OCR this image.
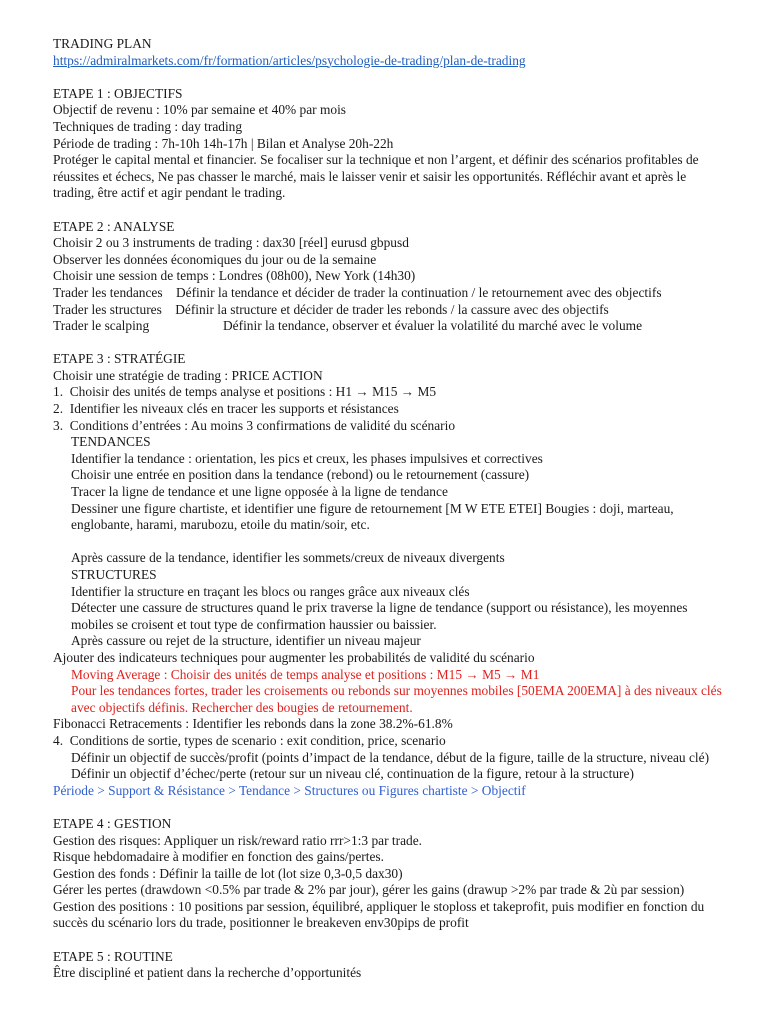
TRADING PLAN
https://admiralmarkets.com/fr/formation/articles/psychologie-de-trading/plan-de-trading
ETAPE 1 : OBJECTIFS
Objectif de revenu : 10% par semaine et 40% par mois
Techniques de trading : day trading
Période de trading : 7h-10h 14h-17h | Bilan et Analyse 20h-22h
Protéger le capital mental et financier. Se focaliser sur la technique et non l’argent, et définir des scénarios profitables de réussites et échecs, Ne pas chasser le marché, mais le laisser venir et saisir les opportunités. Réfléchir avant et après le trading, être actif et agir pendant le trading.
ETAPE 2 : ANALYSE
Choisir 2 ou 3 instruments de trading : dax30 [réel] eurusd gbpusd
Observer les données économiques du jour ou de la semaine
Choisir une session de temps : Londres (08h00), New York (14h30)
Trader les tendances Définir la tendance et décider de trader la continuation / le retournement avec des objectifs
Trader les structures Définir la structure et décider de trader les rebonds / la cassure avec des objectifs
Trader le scalping	Définir la tendance, observer et évaluer la volatilité du marché avec le volume
ETAPE 3 : STRATÉGIE
Choisir une stratégie de trading : PRICE ACTION
1.  Choisir des unités de temps analyse et positions : H1 → M15 → M5
2.  Identifier les niveaux clés en tracer les supports et résistances
3.  Conditions d’entrées : Au moins 3 confirmations de validité du scénario
TENDANCES
Identifier la tendance : orientation, les pics et creux, les phases impulsives et correctives
Choisir une entrée en position dans la tendance (rebond) ou le retournement (cassure)
Tracer la ligne de tendance et une ligne opposée à la ligne de tendance
Dessiner une figure chartiste, et identifier une figure de retournement [M W ETE ETEI] Bougies : doji, marteau, englobante, harami, marubozu, etoile du matin/soir, etc.
Après cassure de la tendance, identifier les sommets/creux de niveaux divergents
STRUCTURES
Identifier la structure en traçant les blocs ou ranges grâce aux niveaux clés
Détecter une cassure de structures quand le prix traverse la ligne de tendance (support ou résistance), les moyennes mobiles se croisent et tout type de confirmation haussier ou baissier.
Après cassure ou rejet de la structure, identifier un niveau majeur
Ajouter des indicateurs techniques pour augmenter les probabilités de validité du scénario
Moving Average : Choisir des unités de temps analyse et positions : M15 → M5 → M1
Pour les tendances fortes, trader les croisements ou rebonds sur moyennes mobiles [50EMA 200EMA] à des niveaux clés avec objectifs définis. Rechercher des bougies de retournement.
Fibonacci Retracements : Identifier les rebonds dans la zone 38.2%-61.8%
4.  Conditions de sortie, types de scenario : exit condition, price, scenario
Définir un objectif de succès/profit (points d’impact de la tendance, début de la figure, taille de la structure, niveau clé)
Définir un objectif d’échec/perte (retour sur un niveau clé, continuation de la figure, retour à la structure)
Période > Support & Résistance > Tendance > Structures ou Figures chartiste > Objectif
ETAPE 4 : GESTION
Gestion des risques: Appliquer un risk/reward ratio rrr>1:3 par trade.
Risque hebdomadaire à modifier en fonction des gains/pertes.
Gestion des fonds : Définir la taille de lot (lot size 0,3-0,5 dax30)
Gérer les pertes (drawdown <0.5% par trade & 2% par jour), gérer les gains (drawup >2% par trade & 2ù par session)
Gestion des positions : 10 positions par session, équilibré, appliquer le stoploss et takeprofit, puis modifier en fonction du succès du scénario lors du trade, positionner le breakeven env30pips de profit
ETAPE 5 : ROUTINE
Être discipliné et patient dans la recherche d’opportunités
